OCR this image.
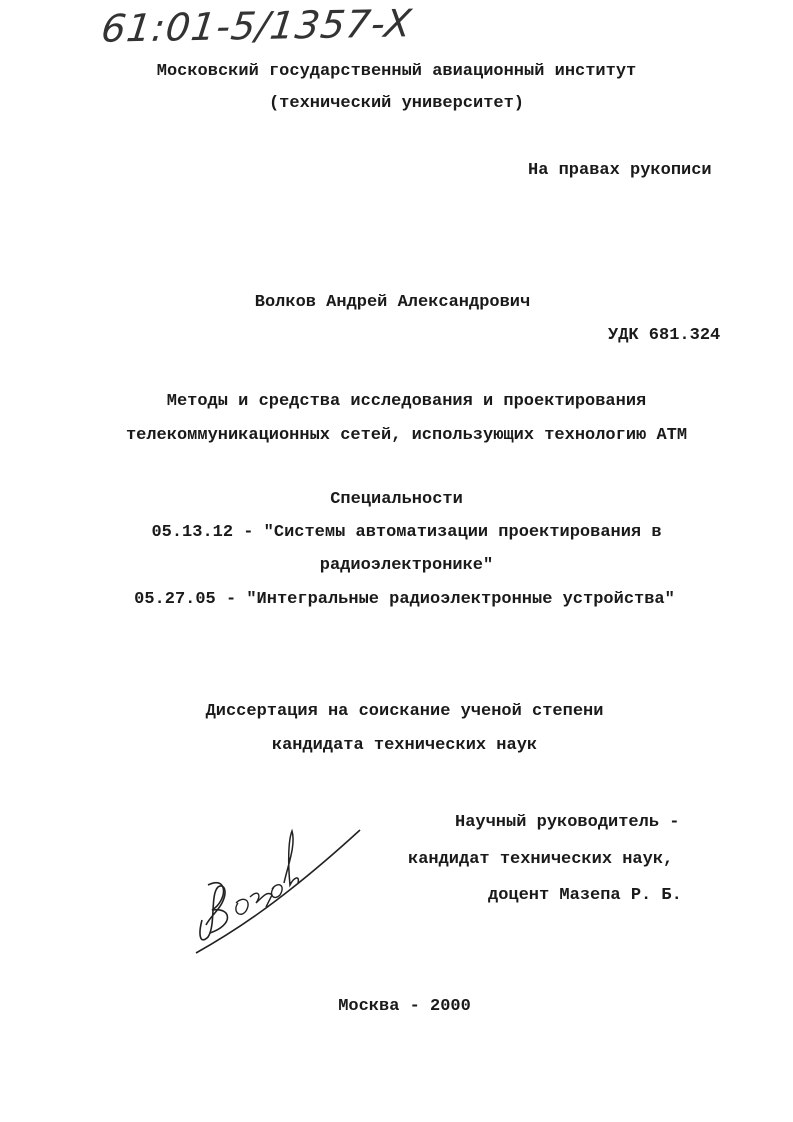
61:01-5/1357-X
Московский государственный авиационный институт
(технический университет)
На правах рукописи
Волков Андрей Александрович
УДК 681.324
Методы и средства исследования и проектирования
телекоммуникационных сетей, использующих технологию АТМ
Специальности
05.13.12 - "Системы автоматизации проектирования в
радиоэлектронике"
05.27.05 - "Интегральные радиоэлектронные устройства"
Диссертация на соискание ученой степени
кандидата технических наук
Научный руководитель -
кандидат технических наук,
доцент Мазепа Р. Б.
Москва - 2000
